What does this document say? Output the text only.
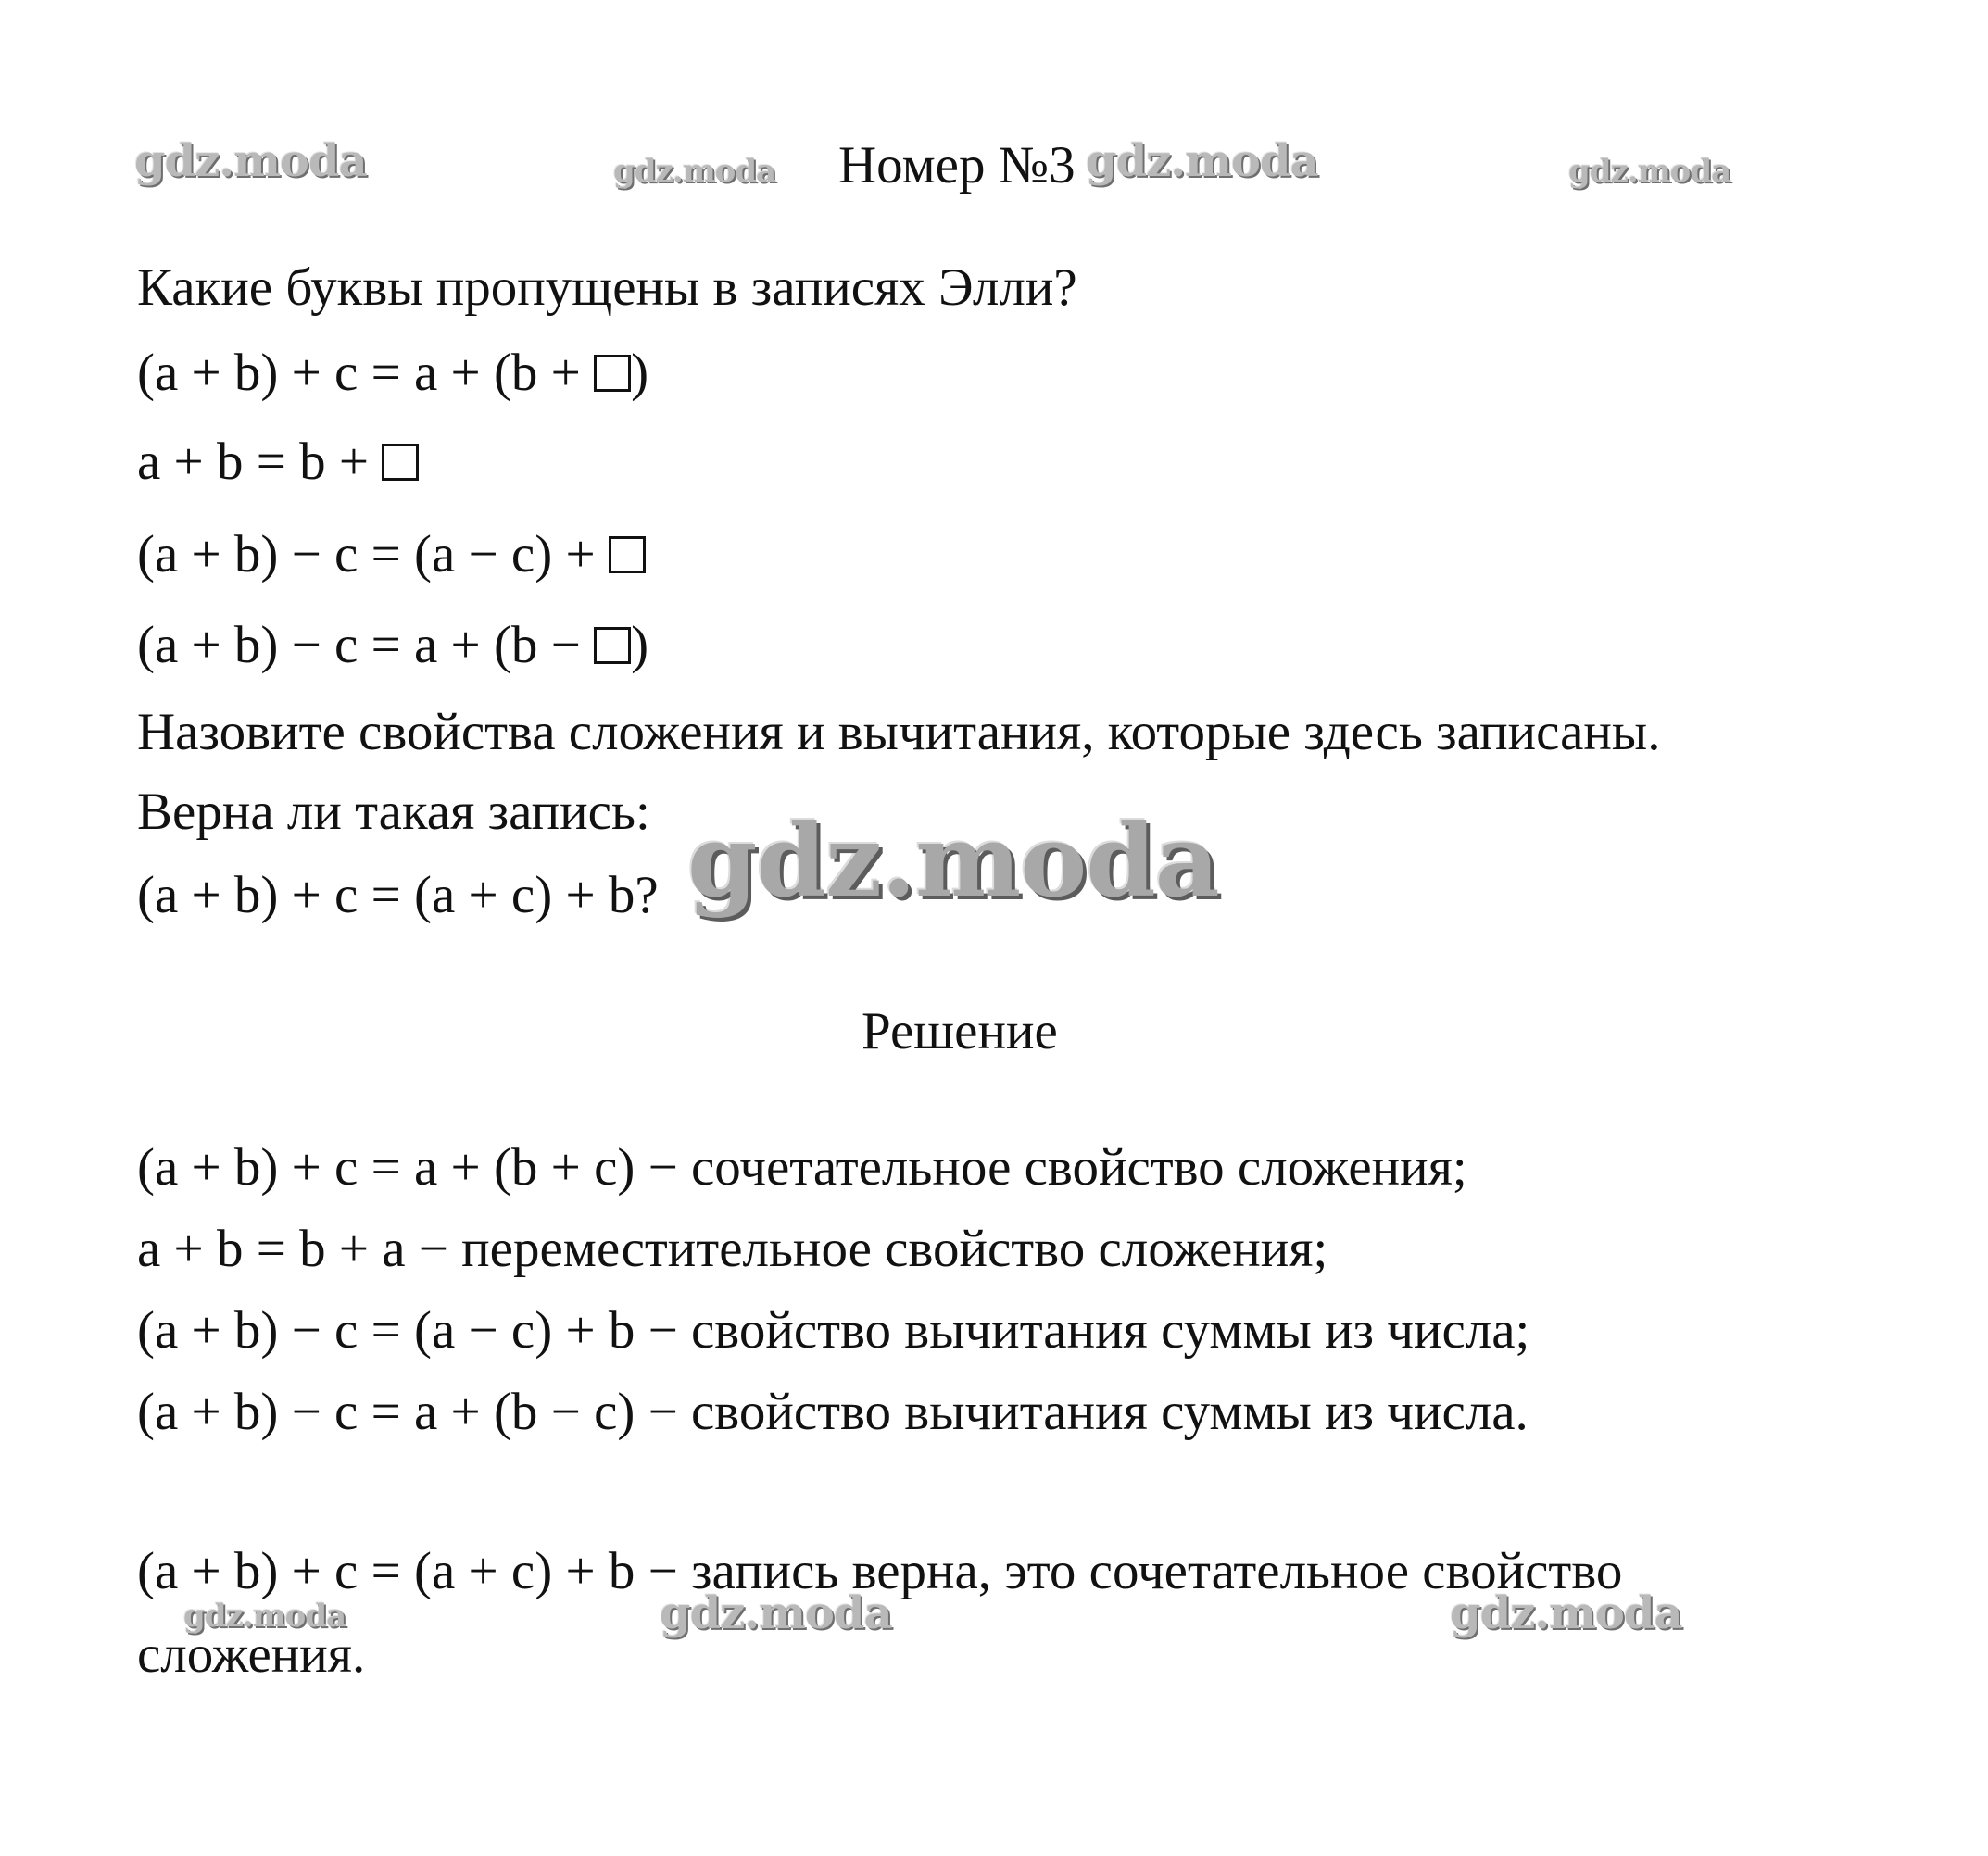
gdz.moda	gdz.moda	gdz.moda	gdz.moda
Номер №3
Какие буквы пропущены в записях Элли?
(a + b) + c = a + (b + )
a + b = b +
(a + b) − c = (a − c) +
(a + b) − c = a + (b − )
Назовите свойства сложения и вычитания, которые здесь записаны.
Верна ли такая запись:
(a + b) + c = (a + c) + b? gdz.moda
Решение
(a + b) + c = a + (b + c) − сочетательное свойство сложения;
a + b = b + a − переместительное свойство сложения;
(a + b) − c = (a − c) + b − свойство вычитания суммы из числа;
(a + b) − c = a + (b − c) − свойство вычитания суммы из числа.
(a + b) + c = (a + c) + b − запись верна, это сочетательное свойство
gdz.moda	gdz.moda	gdz.moda
сложения.
